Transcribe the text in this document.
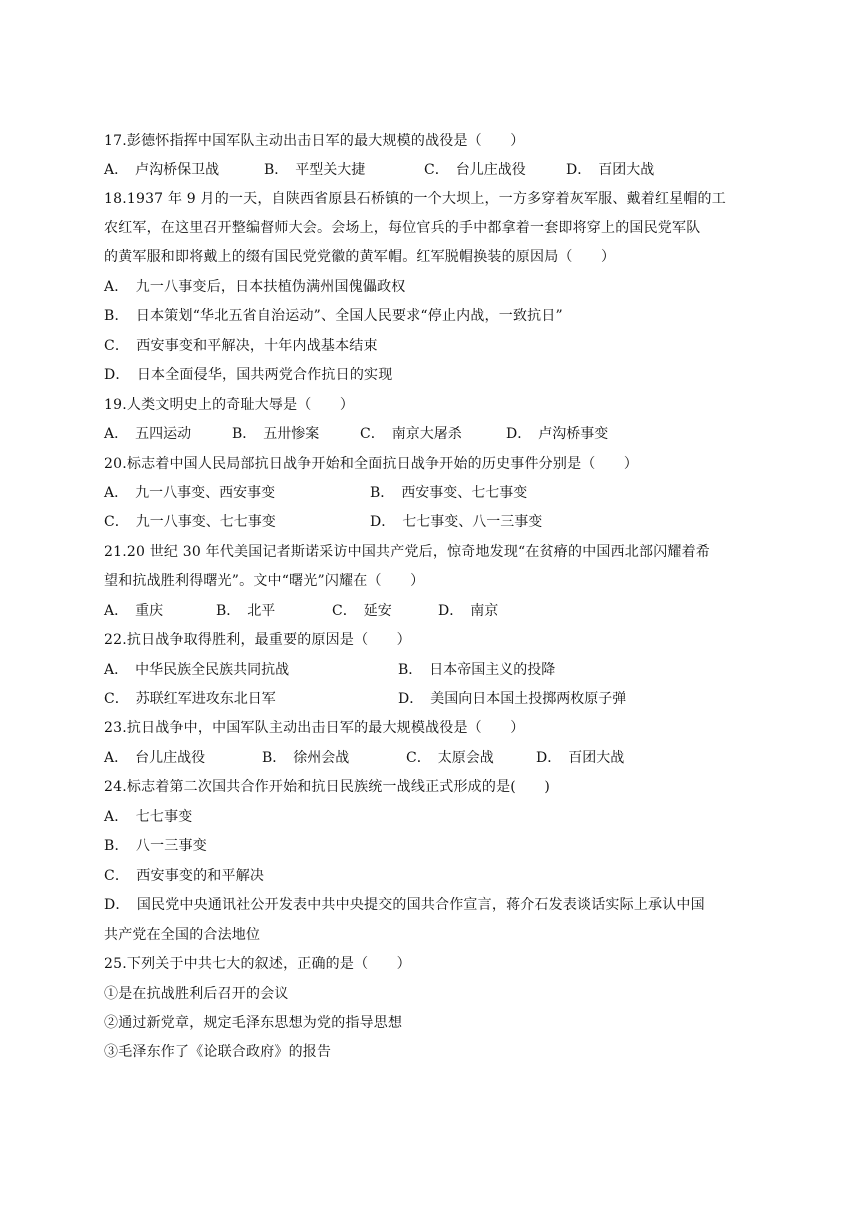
17.彭德怀指挥中国军队主动出击日军的最大规模的战役是（　　）
A．　卢沟桥保卫战	B．　平型关大捷	C．　台儿庄战役	D．　百团大战
18.1937 年 9 月的一天，自陕西省原县石桥镇的一个大坝上，一方多穿着灰军服、戴着红星帽的工
农红军，在这里召开整编督师大会。会场上，每位官兵的手中都拿着一套即将穿上的国民党军队
的黄军服和即将戴上的缀有国民党党徽的黄军帽。红军脱帽换装的原因局（　　）
A．　九一八事变后，日本扶植伪满州国傀儡政权
B．　日本策划“华北五省自治运动”、全国人民要求“停止内战，一致抗日”
C．　西安事变和平解决，十年内战基本结束
D．　日本全面侵华，国共两党合作抗日的实现
19.人类文明史上的奇耻大辱是（　　）
A．　五四运动	B．　五卅惨案	C．　南京大屠杀	D．　卢沟桥事变
20.标志着中国人民局部抗日战争开始和全面抗日战争开始的历史事件分别是（　　）
A．　九一八事变、西安事变	B．　西安事变、七七事变
C．　九一八事变、七七事变	D．　七七事变、八一三事变
21.20 世纪 30 年代美国记者斯诺采访中国共产党后，惊奇地发现“在贫瘠的中国西北部闪耀着希
望和抗战胜利得曙光”。文中“曙光”闪耀在（　　）
A．　重庆	B．　北平	C．　延安	D．　南京
22.抗日战争取得胜利，最重要的原因是（　　）
A．　中华民族全民族共同抗战	B．　日本帝国主义的投降
C．　苏联红军进攻东北日军	D．　美国向日本国土投掷两枚原子弹
23.抗日战争中，中国军队主动出击日军的最大规模战役是（　　）
A．　台儿庄战役	B．　徐州会战	C．　太原会战	D．　百团大战
24.标志着第二次国共合作开始和抗日民族统一战线正式形成的是(　　)
A．　七七事变
B．　八一三事变
C．　西安事变的和平解决
D．　国民党中央通讯社公开发表中共中央提交的国共合作宣言，蒋介石发表谈话实际上承认中国
共产党在全国的合法地位
25.下列关于中共七大的叙述，正确的是（　　）
①是在抗战胜利后召开的会议
②通过新党章，规定毛泽东思想为党的指导思想
③毛泽东作了《论联合政府》的报告
